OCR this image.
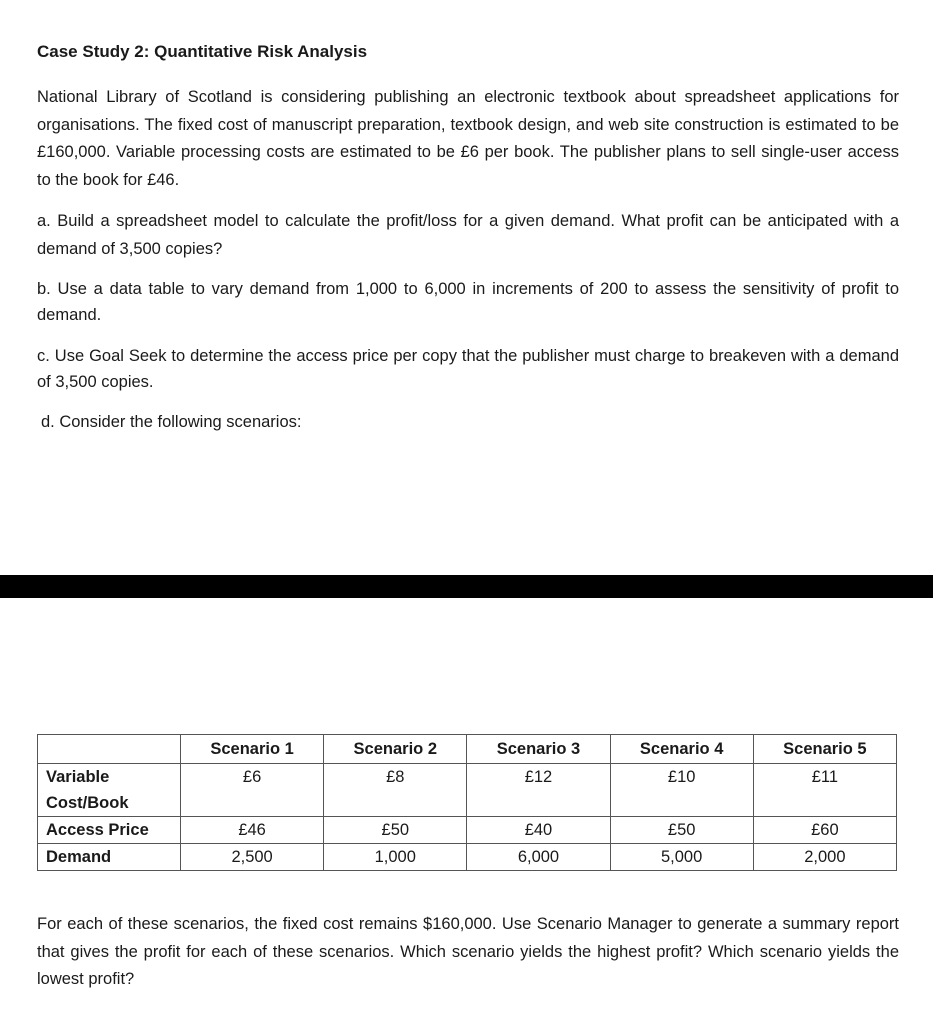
Case Study 2: Quantitative Risk Analysis

National Library of Scotland is considering publishing an electronic textbook about spreadsheet applications for organisations. The fixed cost of manuscript preparation, textbook design, and web site construction is estimated to be £160,000. Variable processing costs are estimated to be £6 per book. The publisher plans to sell single-user access to the book for £46.

a. Build a spreadsheet model to calculate the profit/loss for a given demand. What profit can be anticipated with a demand of 3,500 copies?

b. Use a data table to vary demand from 1,000 to 6,000 in increments of 200 to assess the sensitivity of profit to demand.

c. Use Goal Seek to determine the access price per copy that the publisher must charge to breakeven with a demand of 3,500 copies.

d. Consider the following scenarios:

	Scenario 1	Scenario 2	Scenario 3	Scenario 4	Scenario 5
Variable Cost/Book	£6	£8	£12	£10	£11
Access Price	£46	£50	£40	£50	£60
Demand	2,500	1,000	6,000	5,000	2,000

For each of these scenarios, the fixed cost remains $160,000. Use Scenario Manager to generate a summary report that gives the profit for each of these scenarios. Which scenario yields the highest profit? Which scenario yields the lowest profit?
